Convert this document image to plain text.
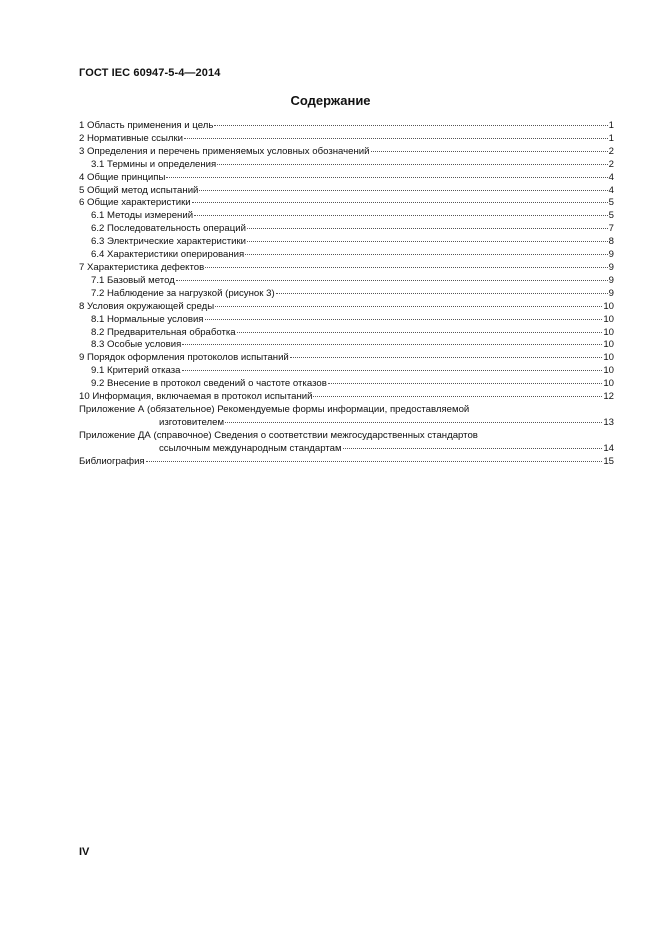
ГОСТ IEC 60947-5-4—2014
Содержание
1 Область применения и цель	1
2 Нормативные ссылки	1
3 Определения и перечень применяемых условных обозначений	2
3.1 Термины и определения	2
4 Общие принципы	4
5 Общий метод испытаний	4
6 Общие характеристики	5
6.1 Методы измерений	5
6.2 Последовательность операций	7
6.3 Электрические характеристики	8
6.4 Характеристики оперирования	9
7 Характеристика дефектов	9
7.1 Базовый метод	9
7.2 Наблюдение за нагрузкой (рисунок 3)	9
8 Условия окружающей среды	10
8.1 Нормальные условия	10
8.2 Предварительная обработка	10
8.3 Особые условия	10
9 Порядок оформления протоколов испытаний	10
9.1 Критерий отказа	10
9.2 Внесение в протокол сведений о частоте отказов	10
10 Информация, включаемая в протокол испытаний	12
Приложение А (обязательное) Рекомендуемые формы информации, предоставляемой
изготовителем	13
Приложение ДА (справочное) Сведения о соответствии межгосударственных стандартов
ссылочным международным стандартам	14
Библиография	15
IV
